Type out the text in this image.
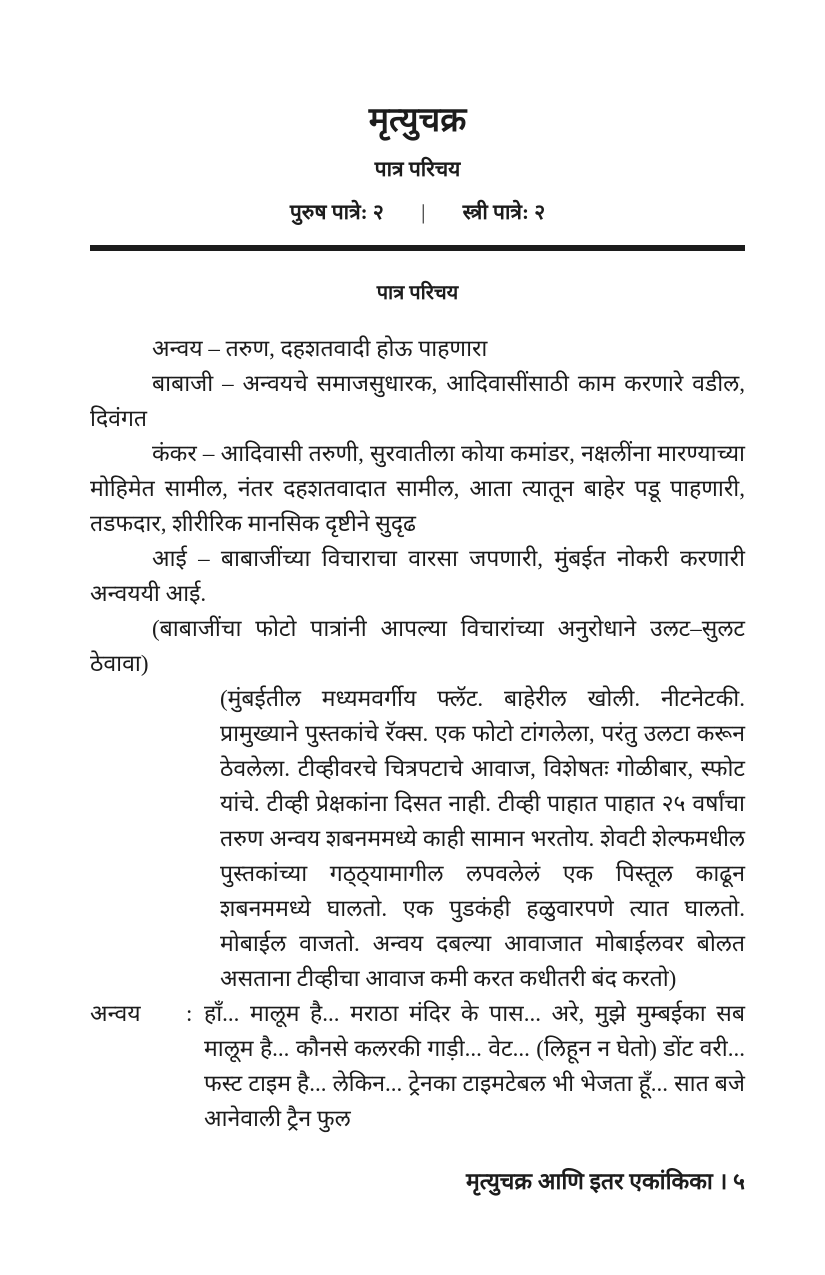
मृत्युचक्र
पात्र परिचय
पुरुष पात्रे: २ | स्त्री पात्रे: २
पात्र परिचय

अन्वय – तरुण, दहशतवादी होऊ पाहणारा

बाबाजी – अन्वयचे समाजसुधारक, आदिवासींसाठी काम करणारे वडील, दिवंगत

कंकर – आदिवासी तरुणी, सुरवातीला कोया कमांडर, नक्षलींना मारण्याच्या मोहिमेत सामील, नंतर दहशतवादात सामील, आता त्यातून बाहेर पडू पाहणारी, तडफदार, शीरीरिक मानसिक दृष्टीने सुदृढ

आई – बाबाजींच्या विचाराचा वारसा जपणारी, मुंबईत नोकरी करणारी अन्वययी आई.

(बाबाजींचा फोटो पात्रांनी आपल्या विचारांच्या अनुरोधाने उलट–सुलट ठेवावा)

(मुंबईतील मध्यमवर्गीय फ्लॅट. बाहेरील खोली. नीटनेटकी. प्रामुख्याने पुस्तकांचे रॅक्स. एक फोटो टांगलेला, परंतु उलटा करून ठेवलेला. टीव्हीवरचे चित्रपटाचे आवाज, विशेषतः गोळीबार, स्फोट यांचे. टीव्ही प्रेक्षकांना दिसत नाही. टीव्ही पाहात पाहात २५ वर्षांचा तरुण अन्वय शबनममध्ये काही सामान भरतोय. शेवटी शेल्फमधील पुस्तकांच्या गठ्ठ्यामागील लपवलेलं एक पिस्तूल काढून शबनममध्ये घालतो. एक पुडकंही हळुवारपणे त्यात घालतो. मोबाईल वाजतो. अन्वय दबल्या आवाजात मोबाईलवर बोलत असताना टीव्हीचा आवाज कमी करत कधीतरी बंद करतो)

अन्वय	: हाँ... मालूम है... मराठा मंदिर के पास... अरे, मुझे मुम्बईका सब मालूम है... कौनसे कलरकी गाड़ी... वेट... (लिहून न घेतो) डोंट वरी... फस्ट टाइम है... लेकिन... ट्रेनका टाइमटेबल भी भेजता हूँ... सात बजे आनेवाली ट्रैन फुल

मृत्युचक्र आणि इतर एकांकिका । ५
